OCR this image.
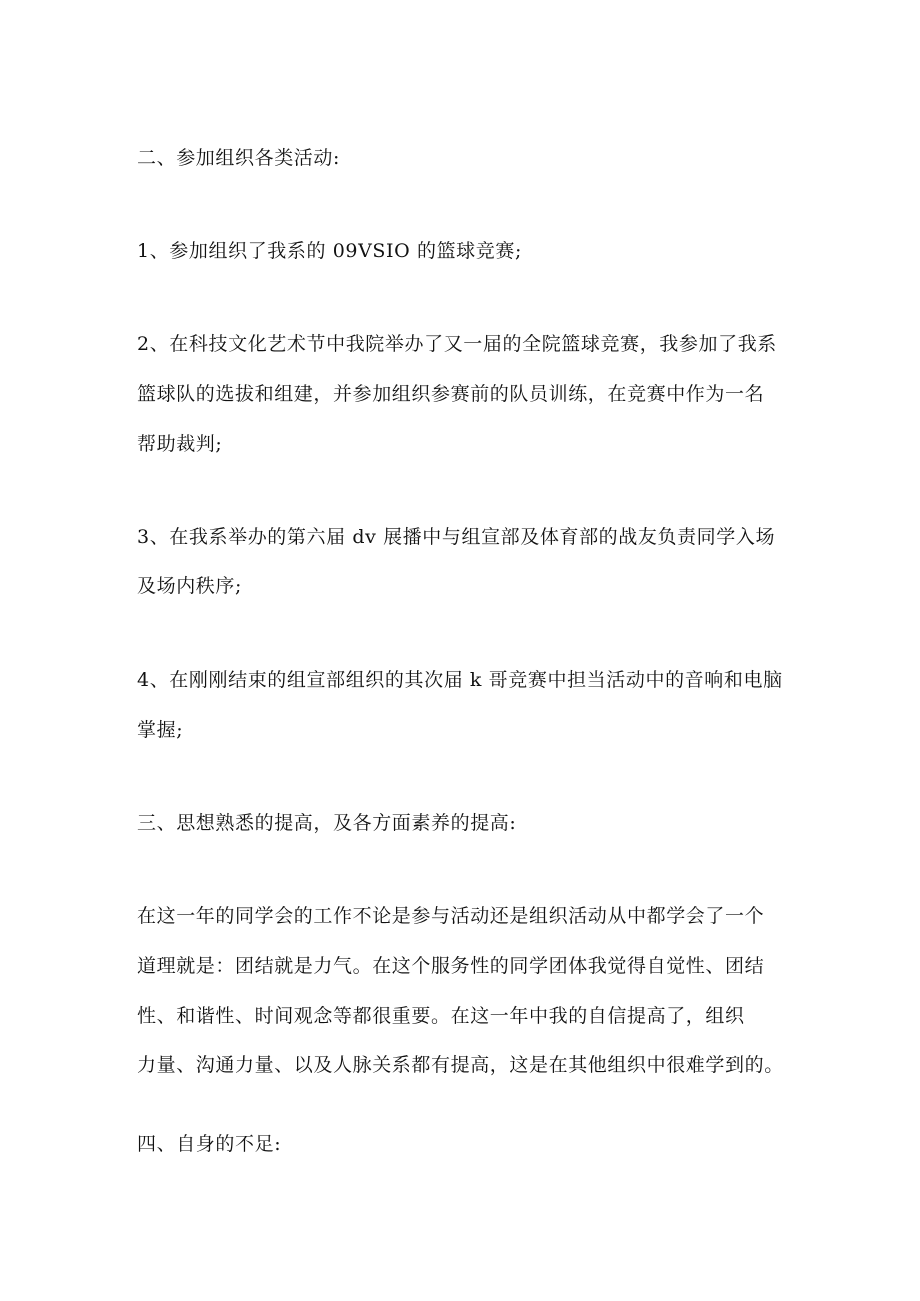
二、参加组织各类活动:
1、参加组织了我系的 09VSIO 的篮球竞赛;
2、在科技文化艺术节中我院举办了又一届的全院篮球竞赛，我参加了我系
篮球队的选拔和组建，并参加组织参赛前的队员训练，在竞赛中作为一名
帮助裁判;
3、在我系举办的第六届 dv 展播中与组宣部及体育部的战友负责同学入场
及场内秩序;
4、在刚刚结束的组宣部组织的其次届 k 哥竞赛中担当活动中的音响和电脑
掌握;
三、思想熟悉的提高，及各方面素养的提高:
在这一年的同学会的工作不论是参与活动还是组织活动从中都学会了一个
道理就是：团结就是力气。在这个服务性的同学团体我觉得自觉性、团结
性、和谐性、时间观念等都很重要。在这一年中我的自信提高了，组织
力量、沟通力量、以及人脉关系都有提高，这是在其他组织中很难学到的。
四、自身的不足:
